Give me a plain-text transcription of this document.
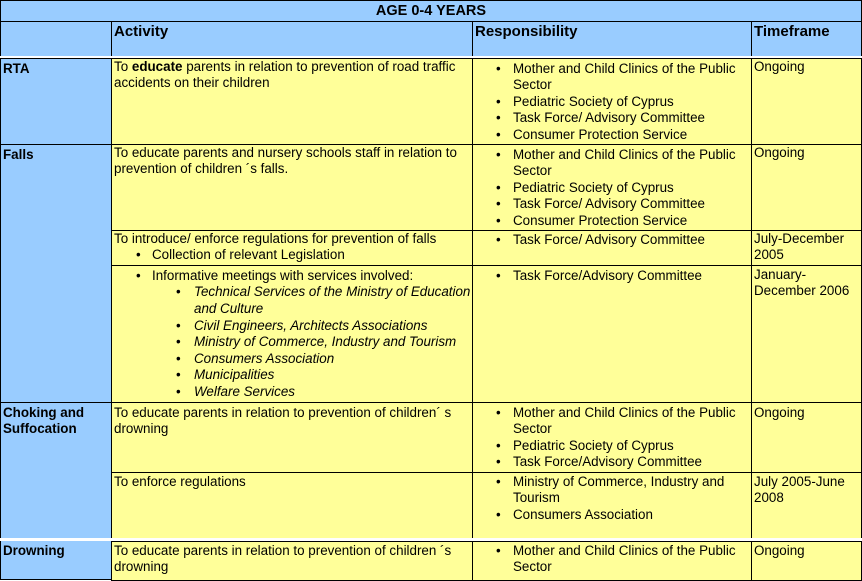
AGE 0-4 YEARS
Activity	Responsibility	Timeframe
RTA
Falls
Choking and
Suffocation
Drowning
To educate parents in relation to prevention of road traffic accidents on their children
• Mother and Child Clinics of the Public Sector
• Pediatric Society of Cyprus
• Task Force/ Advisory Committee
• Consumer Protection Service
Ongoing
To educate parents and nursery schools staff in relation to prevention of children ´s falls.
• Mother and Child Clinics of the Public Sector
• Pediatric Society of Cyprus
• Task Force/ Advisory Committee
• Consumer Protection Service
Ongoing
To introduce/ enforce regulations for prevention of falls
• Collection of relevant Legislation
• Task Force/ Advisory Committee	July-December 2005
• Informative meetings with services involved:
• Technical Services of the Ministry of Education and Culture
• Civil Engineers, Architects Associations
• Ministry of Commerce, Industry and Tourism
• Consumers Association
• Municipalities
• Welfare Services
• Task Force/Advisory Committee	January-December 2006
To educate parents in relation to prevention of children´ s drowning
• Mother and Child Clinics of the Public Sector
• Pediatric Society of Cyprus
• Task Force/Advisory Committee
Ongoing
To enforce regulations
•	Ministry of Commerce, Industry and Tourism
• Consumers Association
July 2005-June 2008
To educate parents in relation to prevention of children ´s drowning
• Mother and Child Clinics of the Public Sector
Ongoing
